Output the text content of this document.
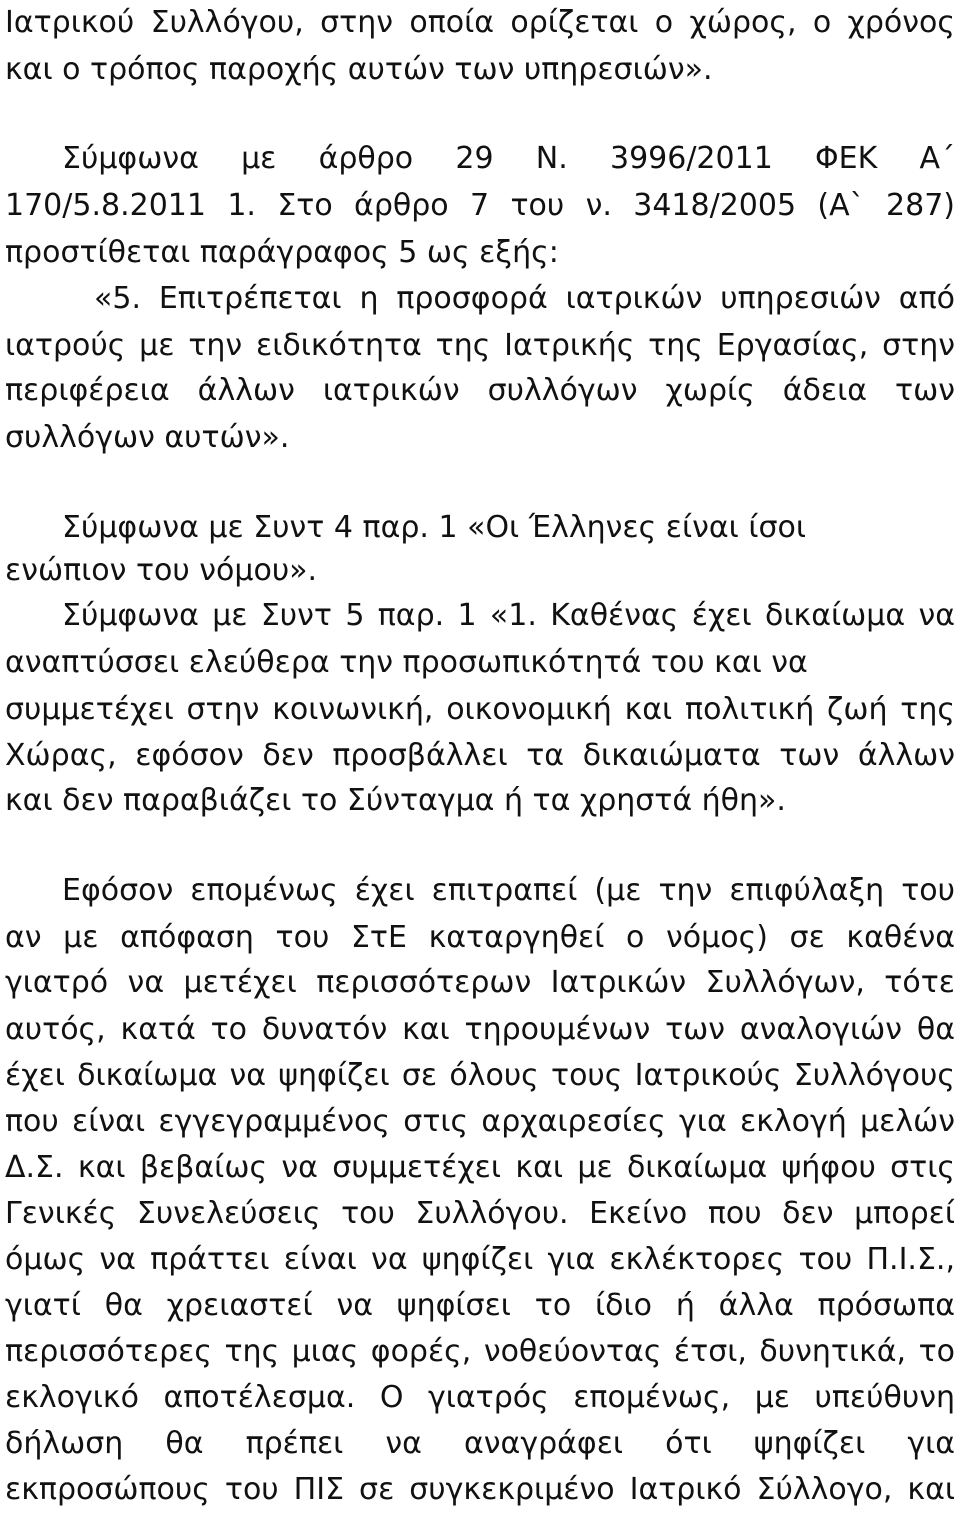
Ιατρικού Συλλόγου, στην οποία ορίζεται ο χώρος, ο χρόνος
και ο τρόπος παροχής αυτών των υπηρεσιών».
Σύμφωνα με άρθρο 29 Ν. 3996/2011 ΦΕΚ Α΄
170/5.8.2011 1. Στο άρθρο 7 του ν. 3418/2005 (Α` 287)
προστίθεται παράγραφος 5 ως εξής:
«5. Επιτρέπεται η προσφορά ιατρικών υπηρεσιών από
ιατρούς με την ειδικότητα της Ιατρικής της Εργασίας, στην
περιφέρεια άλλων ιατρικών συλλόγων χωρίς άδεια των
συλλόγων αυτών».
Σύμφωνα με Συντ 4 παρ. 1 «Οι Έλληνες είναι ίσοι
ενώπιον του νόμου».
Σύμφωνα με Συντ 5 παρ. 1 «1. Καθένας έχει δικαίωμα να
αναπτύσσει ελεύθερα την προσωπικότητά του και να
συμμετέχει στην κοινωνική, οικονομική και πολιτική ζωή της
Χώρας, εφόσον δεν προσβάλλει τα δικαιώματα των άλλων
και δεν παραβιάζει το Σύνταγμα ή τα χρηστά ήθη».
Εφόσον επομένως έχει επιτραπεί (με την επιφύλαξη του
αν με απόφαση του ΣτΕ καταργηθεί ο νόμος) σε καθένα
γιατρό να μετέχει περισσότερων Ιατρικών Συλλόγων, τότε
αυτός, κατά το δυνατόν και τηρουμένων των αναλογιών θα
έχει δικαίωμα να ψηφίζει σε όλους τους Ιατρικούς Συλλόγους
που είναι εγγεγραμμένος στις αρχαιρεσίες για εκλογή μελών
Δ.Σ. και βεβαίως να συμμετέχει και με δικαίωμα ψήφου στις
Γενικές Συνελεύσεις του Συλλόγου. Εκείνο που δεν μπορεί
όμως να πράττει είναι να ψηφίζει για εκλέκτορες του Π.Ι.Σ.,
γιατί θα χρειαστεί να ψηφίσει το ίδιο ή άλλα πρόσωπα
περισσότερες της μιας φορές, νοθεύοντας έτσι, δυνητικά, το
εκλογικό αποτέλεσμα. Ο γιατρός επομένως, με υπεύθυνη
δήλωση θα πρέπει να αναγράφει ότι ψηφίζει για
εκπροσώπους του ΠΙΣ σε συγκεκριμένο Ιατρικό Σύλλογο, και
